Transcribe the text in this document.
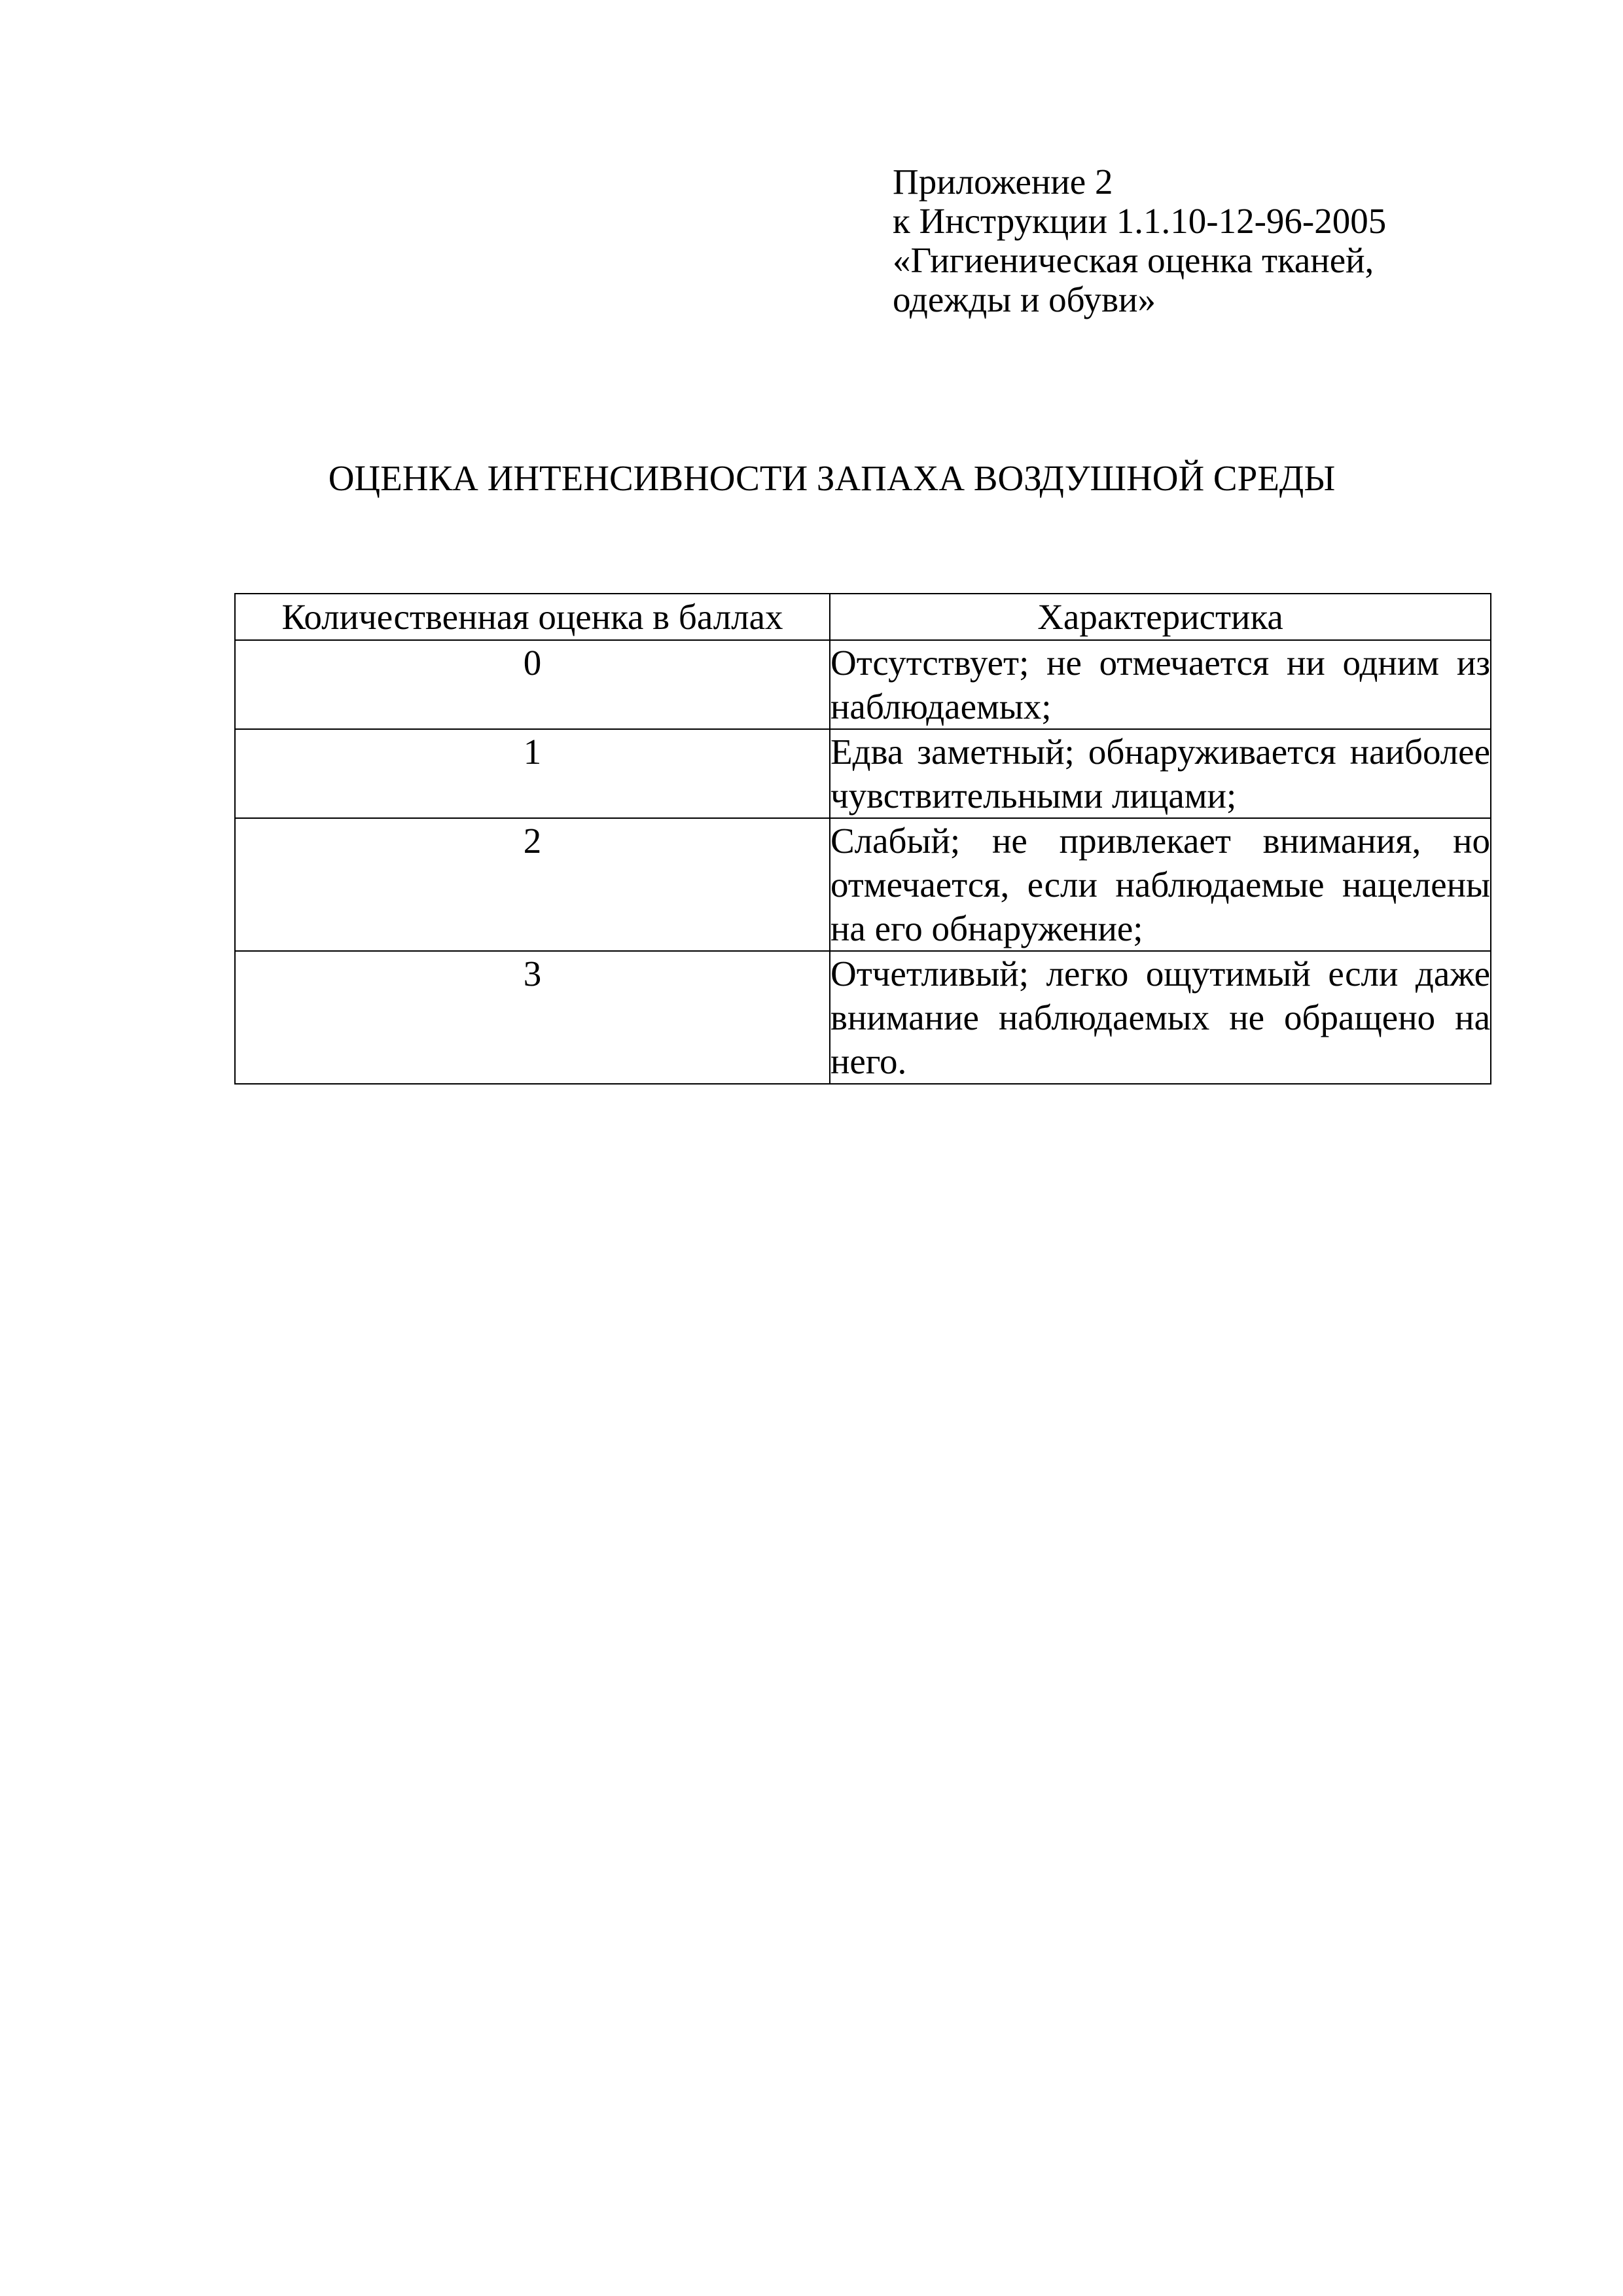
Приложение 2
к Инструкции 1.1.10-12-96-2005
«Гигиеническая оценка тканей,
одежды и обуви»
ОЦЕНКА ИНТЕНСИВНОСТИ ЗАПАХА ВОЗДУШНОЙ СРЕДЫ
Количественная оценка в баллах	Характеристика
0	Отсутствует; не отмечается ни одним из наблюдаемых;
1	Едва заметный; обнаруживается наиболее чувствительными лицами;
2	Слабый; не привлекает внимания, но отмечается, если наблюдаемые нацелены на его обнаружение;
3	Отчетливый; легко ощутимый если даже внимание наблюдаемых не обращено на него.
